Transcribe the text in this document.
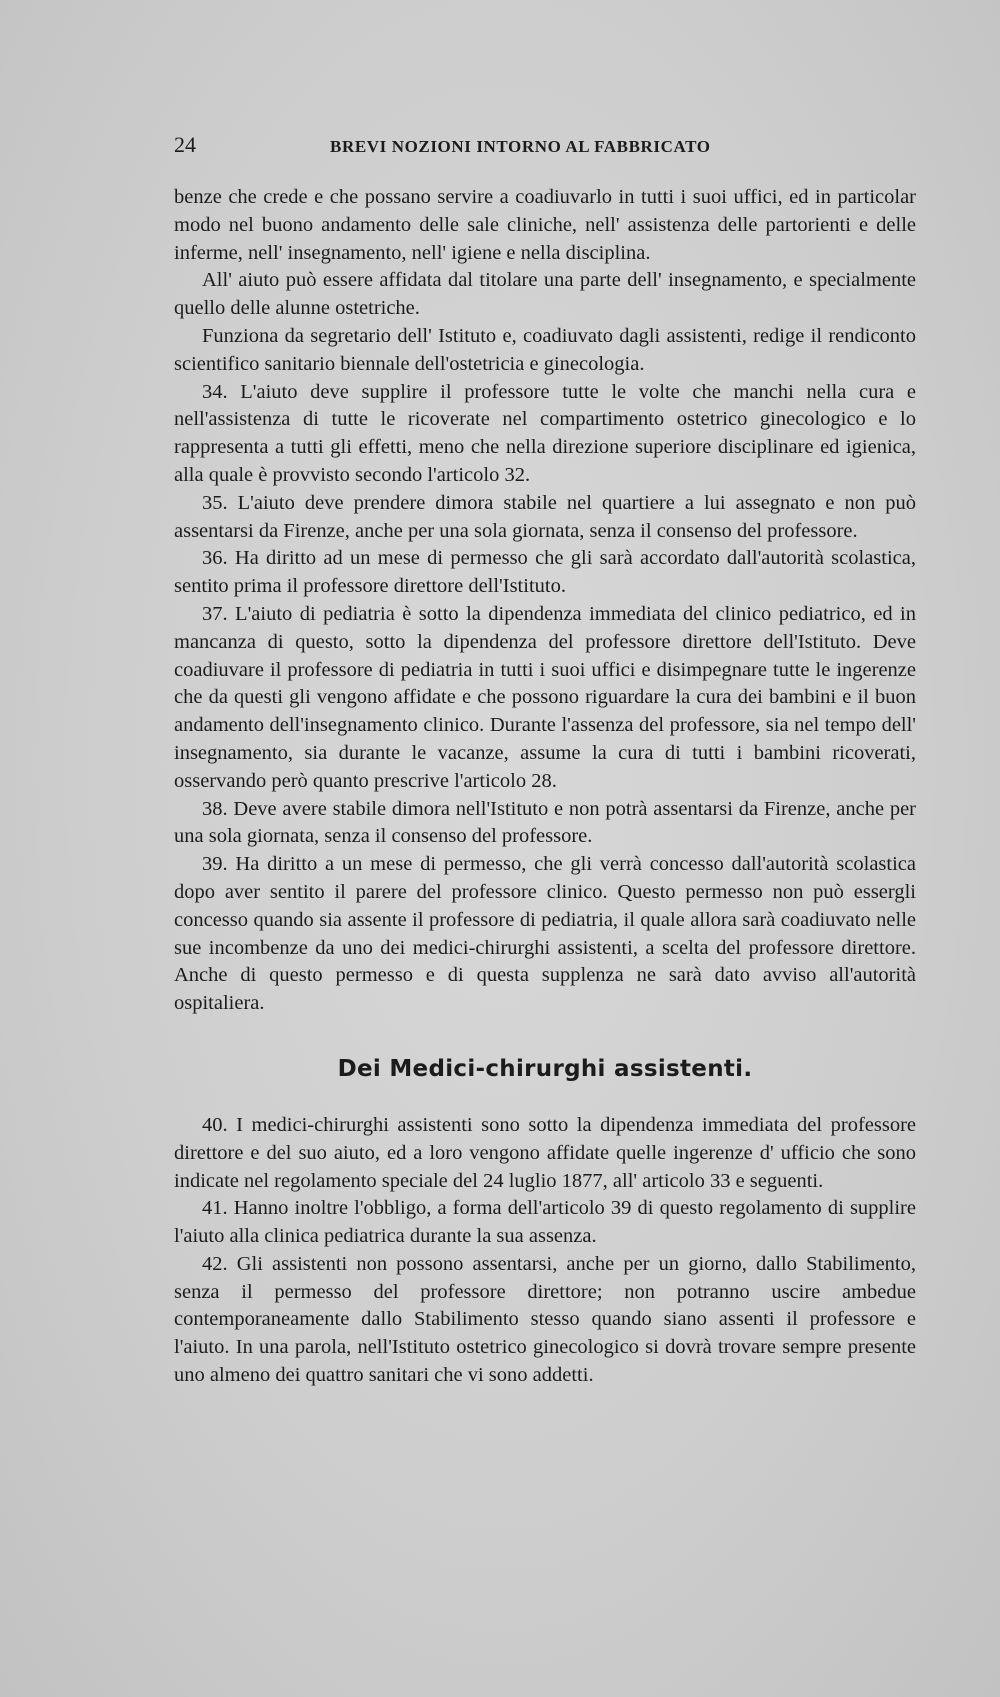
24	BREVI NOZIONI INTORNO AL FABBRICATO

benze che crede e che possano servire a coadiuvarlo in tutti i suoi uffici, ed in particolar modo nel buono andamento delle sale cliniche, nell' assistenza delle partorienti e delle inferme, nell' insegnamento, nell' igiene e nella disciplina.

All' aiuto può essere affidata dal titolare una parte dell' insegnamento, e specialmente quello delle alunne ostetriche.

Funziona da segretario dell' Istituto e, coadiuvato dagli assistenti, redige il rendiconto scientifico sanitario biennale dell'ostetricia e ginecologia.

34. L'aiuto deve supplire il professore tutte le volte che manchi nella cura e nell'assistenza di tutte le ricoverate nel compartimento ostetrico ginecologico e lo rappresenta a tutti gli effetti, meno che nella direzione superiore disciplinare ed igienica, alla quale è provvisto secondo l'articolo 32.

35. L'aiuto deve prendere dimora stabile nel quartiere a lui assegnato e non può assentarsi da Firenze, anche per una sola giornata, senza il consenso del professore.

36. Ha diritto ad un mese di permesso che gli sarà accordato dall'autorità scolastica, sentito prima il professore direttore dell'Istituto.

37. L'aiuto di pediatria è sotto la dipendenza immediata del clinico pediatrico, ed in mancanza di questo, sotto la dipendenza del professore direttore dell'Istituto. Deve coadiuvare il professore di pediatria in tutti i suoi uffici e disimpegnare tutte le ingerenze che da questi gli vengono affidate e che possono riguardare la cura dei bambini e il buon andamento dell'insegnamento clinico. Durante l'assenza del professore, sia nel tempo dell' insegnamento, sia durante le vacanze, assume la cura di tutti i bambini ricoverati, osservando però quanto prescrive l'articolo 28.

38. Deve avere stabile dimora nell'Istituto e non potrà assentarsi da Firenze, anche per una sola giornata, senza il consenso del professore.

39. Ha diritto a un mese di permesso, che gli verrà concesso dall'autorità scolastica dopo aver sentito il parere del professore clinico. Questo permesso non può essergli concesso quando sia assente il professore di pediatria, il quale allora sarà coadiuvato nelle sue incombenze da uno dei medici-chirurghi assistenti, a scelta del professore direttore. Anche di questo permesso e di questa supplenza ne sarà dato avviso all'autorità ospitaliera.

Dei Medici-chirurghi assistenti.

40. I medici-chirurghi assistenti sono sotto la dipendenza immediata del professore direttore e del suo aiuto, ed a loro vengono affidate quelle ingerenze d' ufficio che sono indicate nel regolamento speciale del 24 luglio 1877, all' articolo 33 e seguenti.

41. Hanno inoltre l'obbligo, a forma dell'articolo 39 di questo regolamento di supplire l'aiuto alla clinica pediatrica durante la sua assenza.

42. Gli assistenti non possono assentarsi, anche per un giorno, dallo Stabilimento, senza il permesso del professore direttore; non potranno uscire ambedue contemporaneamente dallo Stabilimento stesso quando siano assenti il professore e l'aiuto. In una parola, nell'Istituto ostetrico ginecologico si dovrà trovare sempre presente uno almeno dei quattro sanitari che vi sono addetti.
